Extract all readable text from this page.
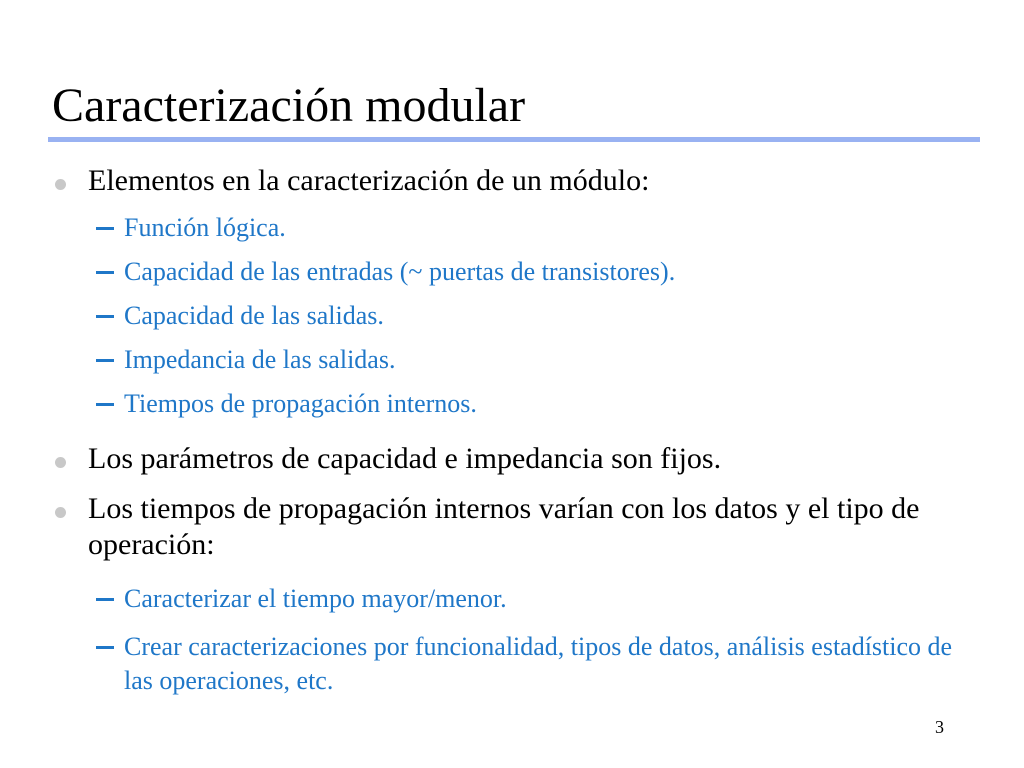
Caracterización modular
Elementos en la caracterización de un módulo:
Función lógica.
Capacidad de las entradas (~ puertas de transistores).
Capacidad de las salidas.
Impedancia de las salidas.
Tiempos de propagación internos.
Los parámetros de capacidad e impedancia son fijos.
Los tiempos de propagación internos varían con los datos y el tipo de operación:
Caracterizar el tiempo mayor/menor.
Crear caracterizaciones por funcionalidad, tipos de datos, análisis estadístico de las operaciones, etc.
3
